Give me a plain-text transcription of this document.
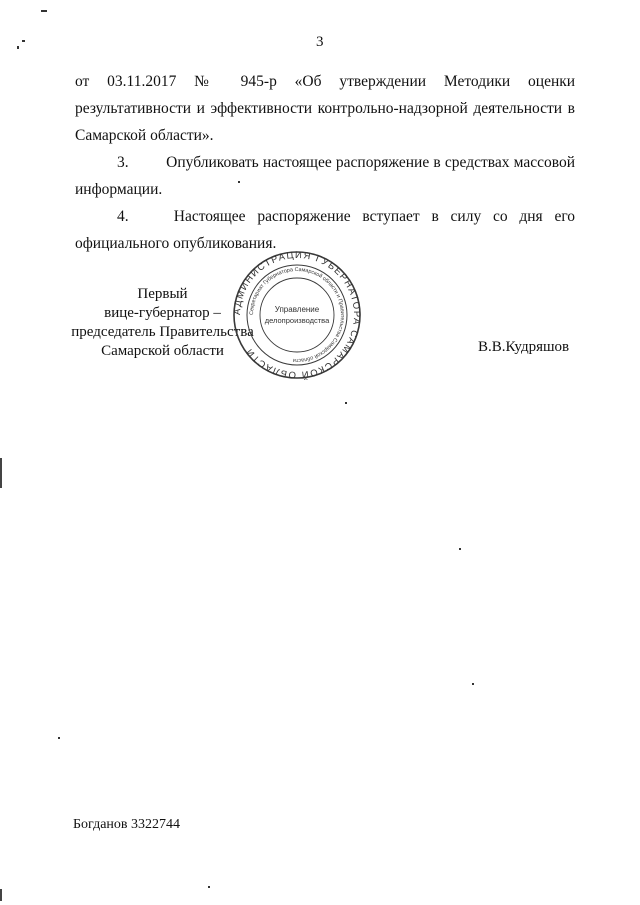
3
от 03.11.2017 № 945-р «Об утверждении Методики оценки
результативности и эффективности контрольно-надзорной деятельности в
Самарской области».
3. Опубликовать настоящее распоряжение в средствах массовой
информации.
4.	Настоящее распоряжение вступает в силу со дня его
официального опубликования.
Первый
вице-губернатор –
председатель Правительства
Самарской области
АДМИНИСТРАЦИЯ ГУБЕРНАТОРА САМАРСКОЙ ОБЛАСТИ
Секретариат Губернатора Самарской области и Правительства Самарской области
Управление
делопроизводства
В.В.Кудряшов
Богданов 3322744
